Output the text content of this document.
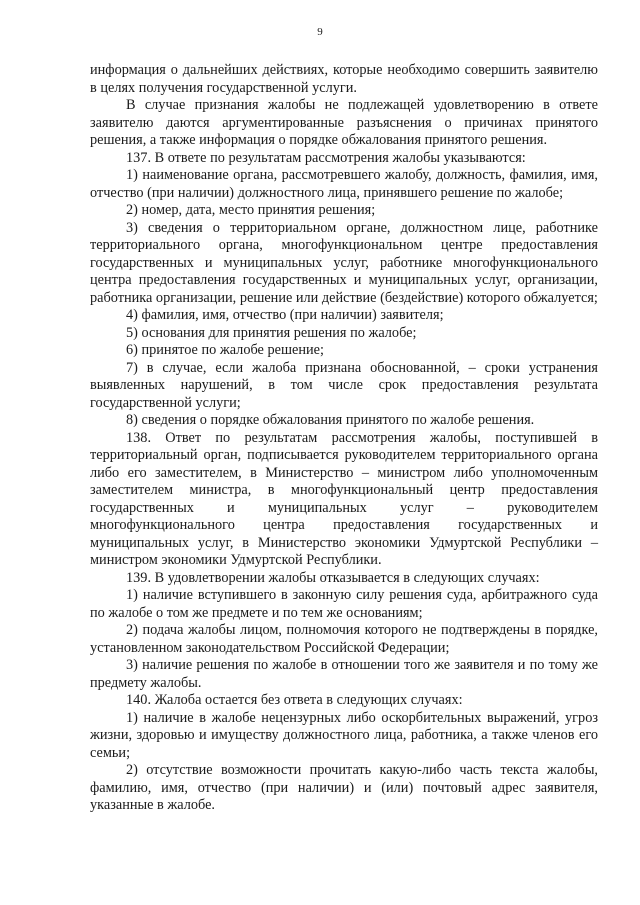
9

информация о дальнейших действиях, которые необходимо совершить заявителю в целях получения государственной услуги.

В случае признания жалобы не подлежащей удовлетворению в ответе заявителю даются аргументированные разъяснения о причинах принятого решения, а также информация о порядке обжалования принятого решения.

137. В ответе по результатам рассмотрения жалобы указываются:

1) наименование органа, рассмотревшего жалобу, должность, фамилия, имя, отчество (при наличии) должностного лица, принявшего решение по жалобе;

2) номер, дата, место принятия решения;

3) сведения о территориальном органе, должностном лице, работнике территориального органа, многофункциональном центре предоставления государственных и муниципальных услуг, работнике многофункционального центра предоставления государственных и муниципальных услуг, организации, работника организации, решение или действие (бездействие) которого обжалуется;

4) фамилия, имя, отчество (при наличии) заявителя;

5) основания для принятия решения по жалобе;

6) принятое по жалобе решение;

7) в случае, если жалоба признана обоснованной, – сроки устранения выявленных нарушений, в том числе срок предоставления результата государственной услуги;

8) сведения о порядке обжалования принятого по жалобе решения.

138. Ответ по результатам рассмотрения жалобы, поступившей в территориальный орган, подписывается руководителем территориального органа либо его заместителем, в Министерство – министром либо уполномоченным заместителем министра, в многофункциональный центр предоставления государственных и муниципальных услуг – руководителем многофункционального центра предоставления государственных и муниципальных услуг, в Министерство экономики Удмуртской Республики – министром экономики Удмуртской Республики.

139. В удовлетворении жалобы отказывается в следующих случаях:

1) наличие вступившего в законную силу решения суда, арбитражного суда по жалобе о том же предмете и по тем же основаниям;

2) подача жалобы лицом, полномочия которого не подтверждены в порядке, установленном законодательством Российской Федерации;

3) наличие решения по жалобе в отношении того же заявителя и по тому же предмету жалобы.

140. Жалоба остается без ответа в следующих случаях:

1) наличие в жалобе нецензурных либо оскорбительных выражений, угроз жизни, здоровью и имуществу должностного лица, работника, а также членов его семьи;

2) отсутствие возможности прочитать какую-либо часть текста жалобы, фамилию, имя, отчество (при наличии) и (или) почтовый адрес заявителя, указанные в жалобе.
